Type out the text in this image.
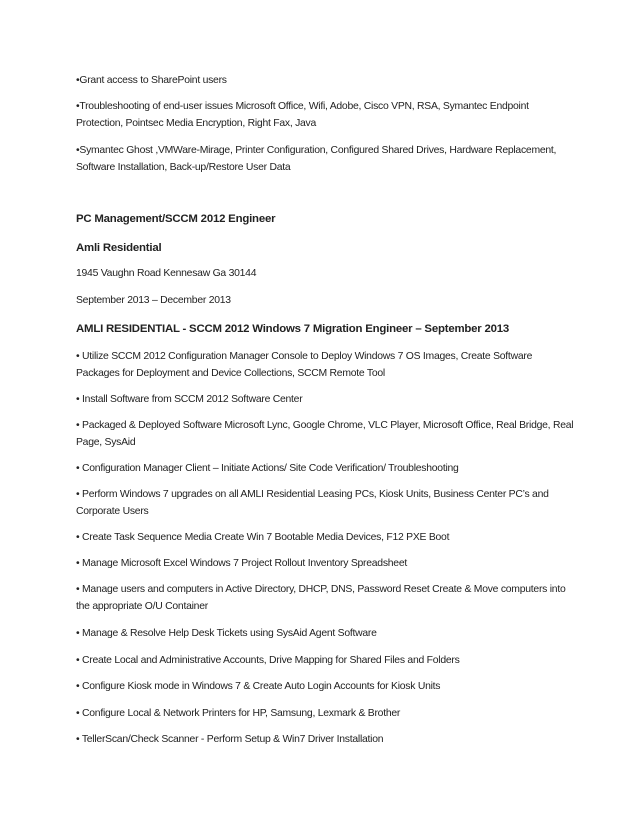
•Grant access to SharePoint users

•Troubleshooting of end-user issues Microsoft Office, Wifi, Adobe, Cisco VPN, RSA, Symantec Endpoint Protection, Pointsec Media Encryption, Right Fax, Java

•Symantec Ghost ,VMWare-Mirage, Printer Configuration, Configured Shared Drives, Hardware Replacement, Software Installation, Back-up/Restore User Data

PC Management/SCCM 2012 Engineer
Amli Residential

1945 Vaughn Road Kennesaw Ga 30144

September 2013 – December 2013

AMLI RESIDENTIAL - SCCM 2012 Windows 7 Migration Engineer – September 2013

• Utilize SCCM 2012 Configuration Manager Console to Deploy Windows 7 OS Images, Create Software Packages for Deployment and Device Collections, SCCM Remote Tool

• Install Software from SCCM 2012 Software Center

• Packaged & Deployed Software Microsoft Lync, Google Chrome, VLC Player, Microsoft Office, Real Bridge, Real Page, SysAid

• Configuration Manager Client – Initiate Actions/ Site Code Verification/ Troubleshooting

• Perform Windows 7 upgrades on all AMLI Residential Leasing PCs, Kiosk Units, Business Center PC’s and Corporate Users

• Create Task Sequence Media Create Win 7 Bootable Media Devices, F12 PXE Boot

• Manage Microsoft Excel Windows 7 Project Rollout Inventory Spreadsheet

• Manage users and computers in Active Directory, DHCP, DNS, Password Reset Create & Move computers into the appropriate O/U Container

• Manage & Resolve Help Desk Tickets using SysAid Agent Software

• Create Local and Administrative Accounts, Drive Mapping for Shared Files and Folders

• Configure Kiosk mode in Windows 7 & Create Auto Login Accounts for Kiosk Units

• Configure Local & Network Printers for HP, Samsung, Lexmark & Brother

• TellerScan/Check Scanner - Perform Setup & Win7 Driver Installation
